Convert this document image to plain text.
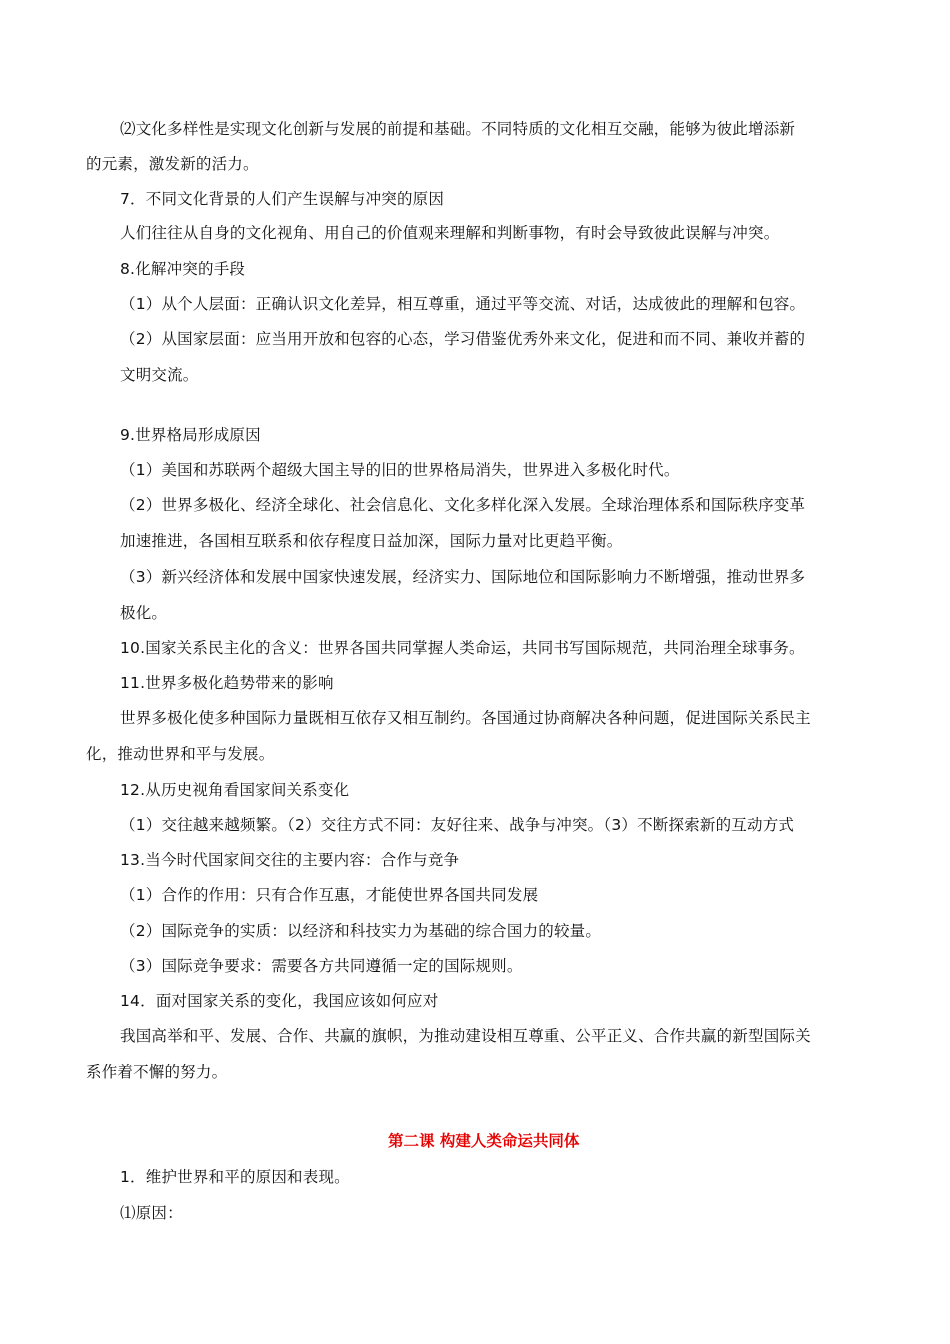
⑵文化多样性是实现文化创新与发展的前提和基础。不同特质的文化相互交融，能够为彼此增添新
的元素，激发新的活力。
7．不同文化背景的人们产生误解与冲突的原因
人们往往从自身的文化视角、用自己的价值观来理解和判断事物，有时会导致彼此误解与冲突。
8.化解冲突的手段
（1）从个人层面：正确认识文化差异，相互尊重，通过平等交流、对话，达成彼此的理解和包容。
（2）从国家层面：应当用开放和包容的心态，学习借鉴优秀外来文化，促进和而不同、兼收并蓄的
文明交流。
9.世界格局形成原因
（1）美国和苏联两个超级大国主导的旧的世界格局消失，世界进入多极化时代。
（2）世界多极化、经济全球化、社会信息化、文化多样化深入发展。全球治理体系和国际秩序变革
加速推进，各国相互联系和依存程度日益加深，国际力量对比更趋平衡。
（3）新兴经济体和发展中国家快速发展，经济实力、国际地位和国际影响力不断增强，推动世界多
极化。
10.国家关系民主化的含义：世界各国共同掌握人类命运，共同书写国际规范，共同治理全球事务。
11.世界多极化趋势带来的影响
世界多极化使多种国际力量既相互依存又相互制约。各国通过协商解决各种问题，促进国际关系民主
化，推动世界和平与发展。
12.从历史视角看国家间关系变化
（1）交往越来越频繁。（2）交往方式不同：友好往来、战争与冲突。（3）不断探索新的互动方式
13.当今时代国家间交往的主要内容：合作与竞争
（1）合作的作用：只有合作互惠，才能使世界各国共同发展
（2）国际竞争的实质：以经济和科技实力为基础的综合国力的较量。
（3）国际竞争要求：需要各方共同遵循一定的国际规则。
14．面对国家关系的变化，我国应该如何应对
我国高举和平、发展、合作、共赢的旗帜，为推动建设相互尊重、公平正义、合作共赢的新型国际关
系作着不懈的努力。
第二课 构建人类命运共同体
1．维护世界和平的原因和表现。
⑴原因：
